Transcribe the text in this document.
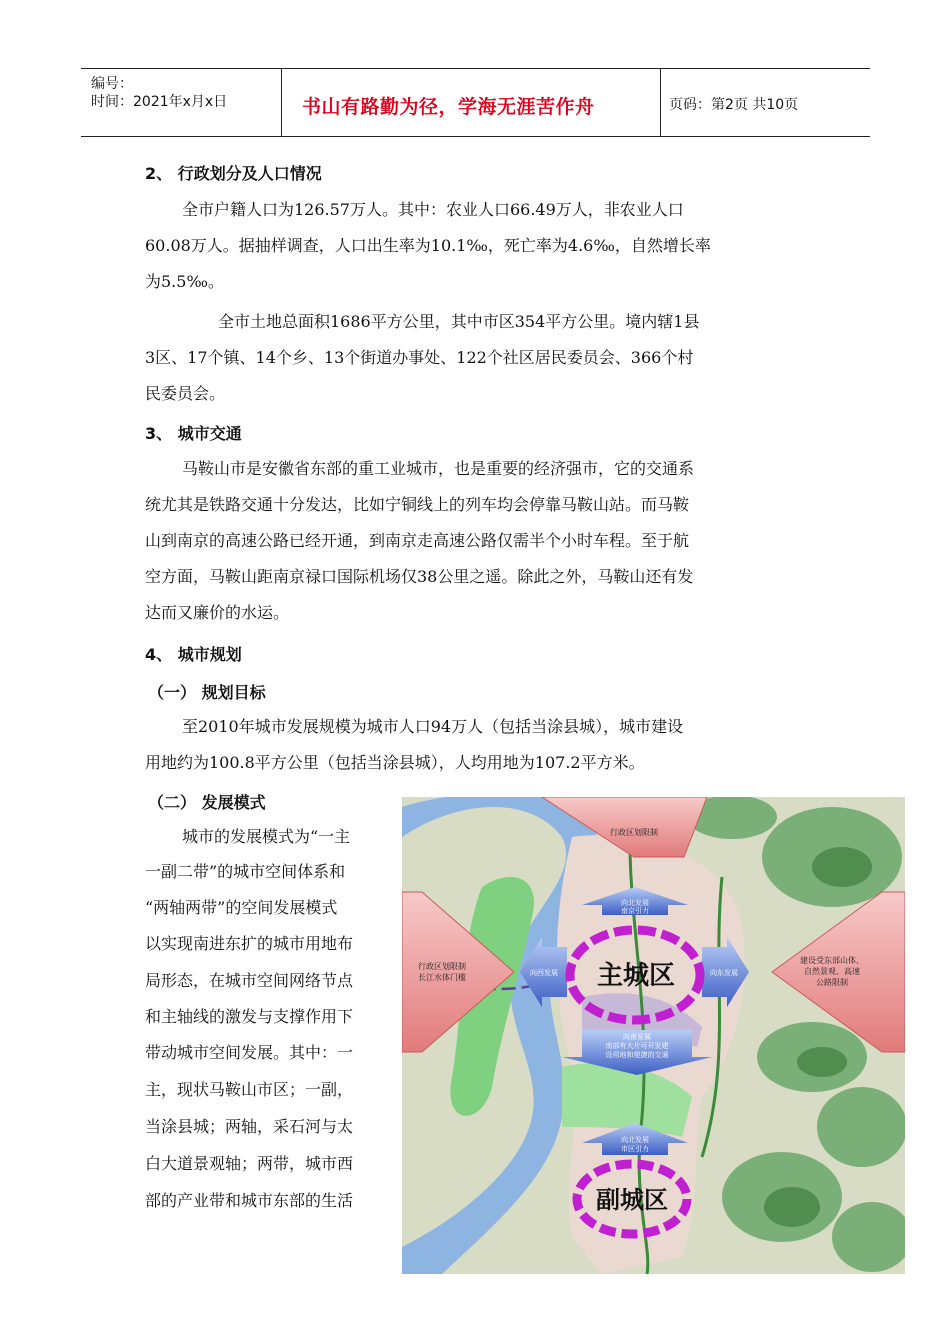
编号：
时间：2021年x月x日	书山有路勤为径，学海无涯苦作舟	页码：第2页 共10页
2、 行政划分及人口情况
全市户籍人口为126.57万人。其中：农业人口66.49万人，非农业人口
60.08万人。据抽样调查，人口出生率为10.1‰，死亡率为4.6‰，自然增长率
为5.5‰。
全市土地总面积1686平方公里，其中市区354平方公里。境内辖1县
3区、17个镇、14个乡、13个街道办事处、122个社区居民委员会、366个村
民委员会。
3、 城市交通
马鞍山市是安徽省东部的重工业城市，也是重要的经济强市，它的交通系
统尤其是铁路交通十分发达，比如宁铜线上的列车均会停靠马鞍山站。而马鞍
山到南京的高速公路已经开通，到南京走高速公路仅需半个小时车程。至于航
空方面，马鞍山距南京禄口国际机场仅38公里之遥。除此之外，马鞍山还有发
达而又廉价的水运。
4、 城市规划
（一） 规划目标
至2010年城市发展规模为城市人口94万人（包括当涂县城），城市建设
用地约为100.8平方公里（包括当涂县城），人均用地为107.2平方米。
（二） 发展模式
城市的发展模式为“一主
一副二带”的城市空间体系和
“两轴两带”的空间发展模式
以实现南进东扩的城市用地布
局形态，在城市空间网络节点
和主轴线的激发与支撑作用下
带动城市空间发展。其中：一
主，现状马鞍山市区；一副，
当涂县城；两轴，采石河与太
白大道景观轴；两带，城市西
部的产业带和城市东部的生活
行政区划限制
行政区划限制
长江水体门槛
建设受东部山体、
自然景观、高速
公路限制
向北发展
南京引力
向西发展	向东发展
向南发展
南部有大片可开发建
设用地和便捷的交通
向北发展
市区引力
主城区
副城区
